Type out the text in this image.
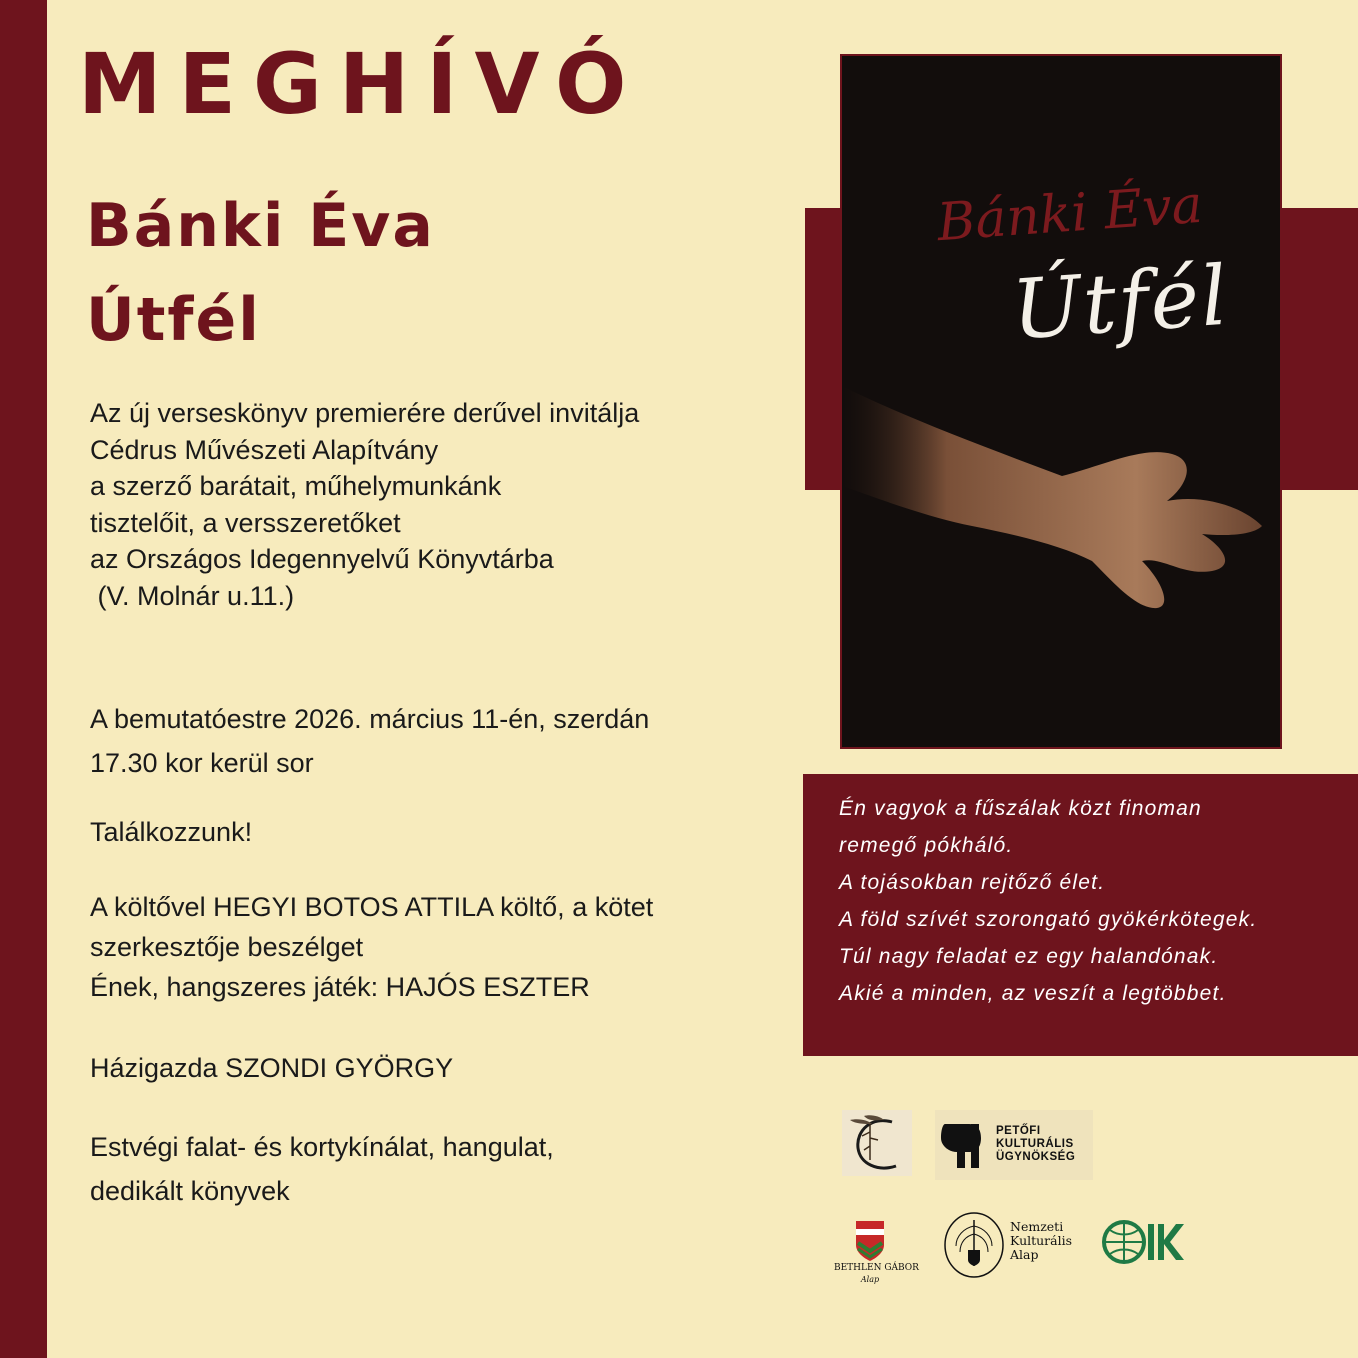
MEGHÍVÓ
Bánki Éva
Útfél
Az új verseskönyv premierére derűvel invitálja
Cédrus Művészeti Alapítvány
a szerző barátait, műhelymunkánk
tisztelőit, a versszeretőket
az Országos Idegennyelvű Könyvtárba
(V. Molnár u.11.)
A bemutatóestre 2026. március 11-én, szerdán
17.30 kor kerül sor
Találkozzunk!
A költővel HEGYI BOTOS ATTILA költő, a kötet
szerkesztője beszélget
Ének, hangszeres játék: HAJÓS ESZTER
Házigazda SZONDI GYÖRGY
Estvégi falat- és kortykínálat, hangulat,
dedikált könyvek
Bánki Éva
Útfél
Én vagyok a fűszálak közt finoman
remegő pókháló.
A tojásokban rejtőző élet.
A föld szívét szorongató gyökérkötegek.
Túl nagy feladat ez egy halandónak.
Akié a minden, az veszít a legtöbbet.
PETŐFI
KULTURÁLIS
ÜGYNÖKSÉG
BETHLEN GÁBOR
Alap
Nemzeti
Kulturális
Alap
